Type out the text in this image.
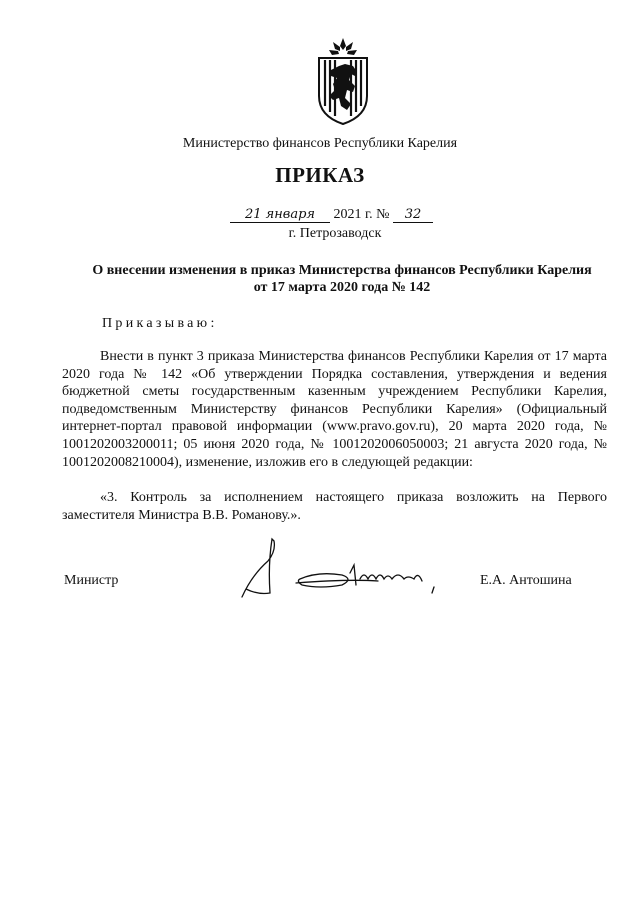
Министерство финансов Республики Карелия
ПРИКАЗ
21 января 2021 г. № 32
г. Петрозаводск
О внесении изменения в приказ Министерства финансов Республики Карелия
от 17 марта 2020 года № 142
Приказываю:

Внести в пункт 3 приказа Министерства финансов Республики Карелия от 17 марта 2020 года № 142 «Об утверждении Порядка составления, утверждения и ведения бюджетной сметы государственным казенным учреждением Республики Карелия, подведомственным Министерству финансов Республики Карелия» (Официальный интернет-портал правовой информации (www.pravo.gov.ru), 20 марта 2020 года, № 1001202003200011; 05 июня 2020 года, № 1001202006050003; 21 августа 2020 года, № 1001202008210004), изменение, изложив его в следующей редакции:

«3. Контроль за исполнением настоящего приказа возложить на Первого заместителя Министра В.В. Романову.».

Министр	Е.А. Антошина
